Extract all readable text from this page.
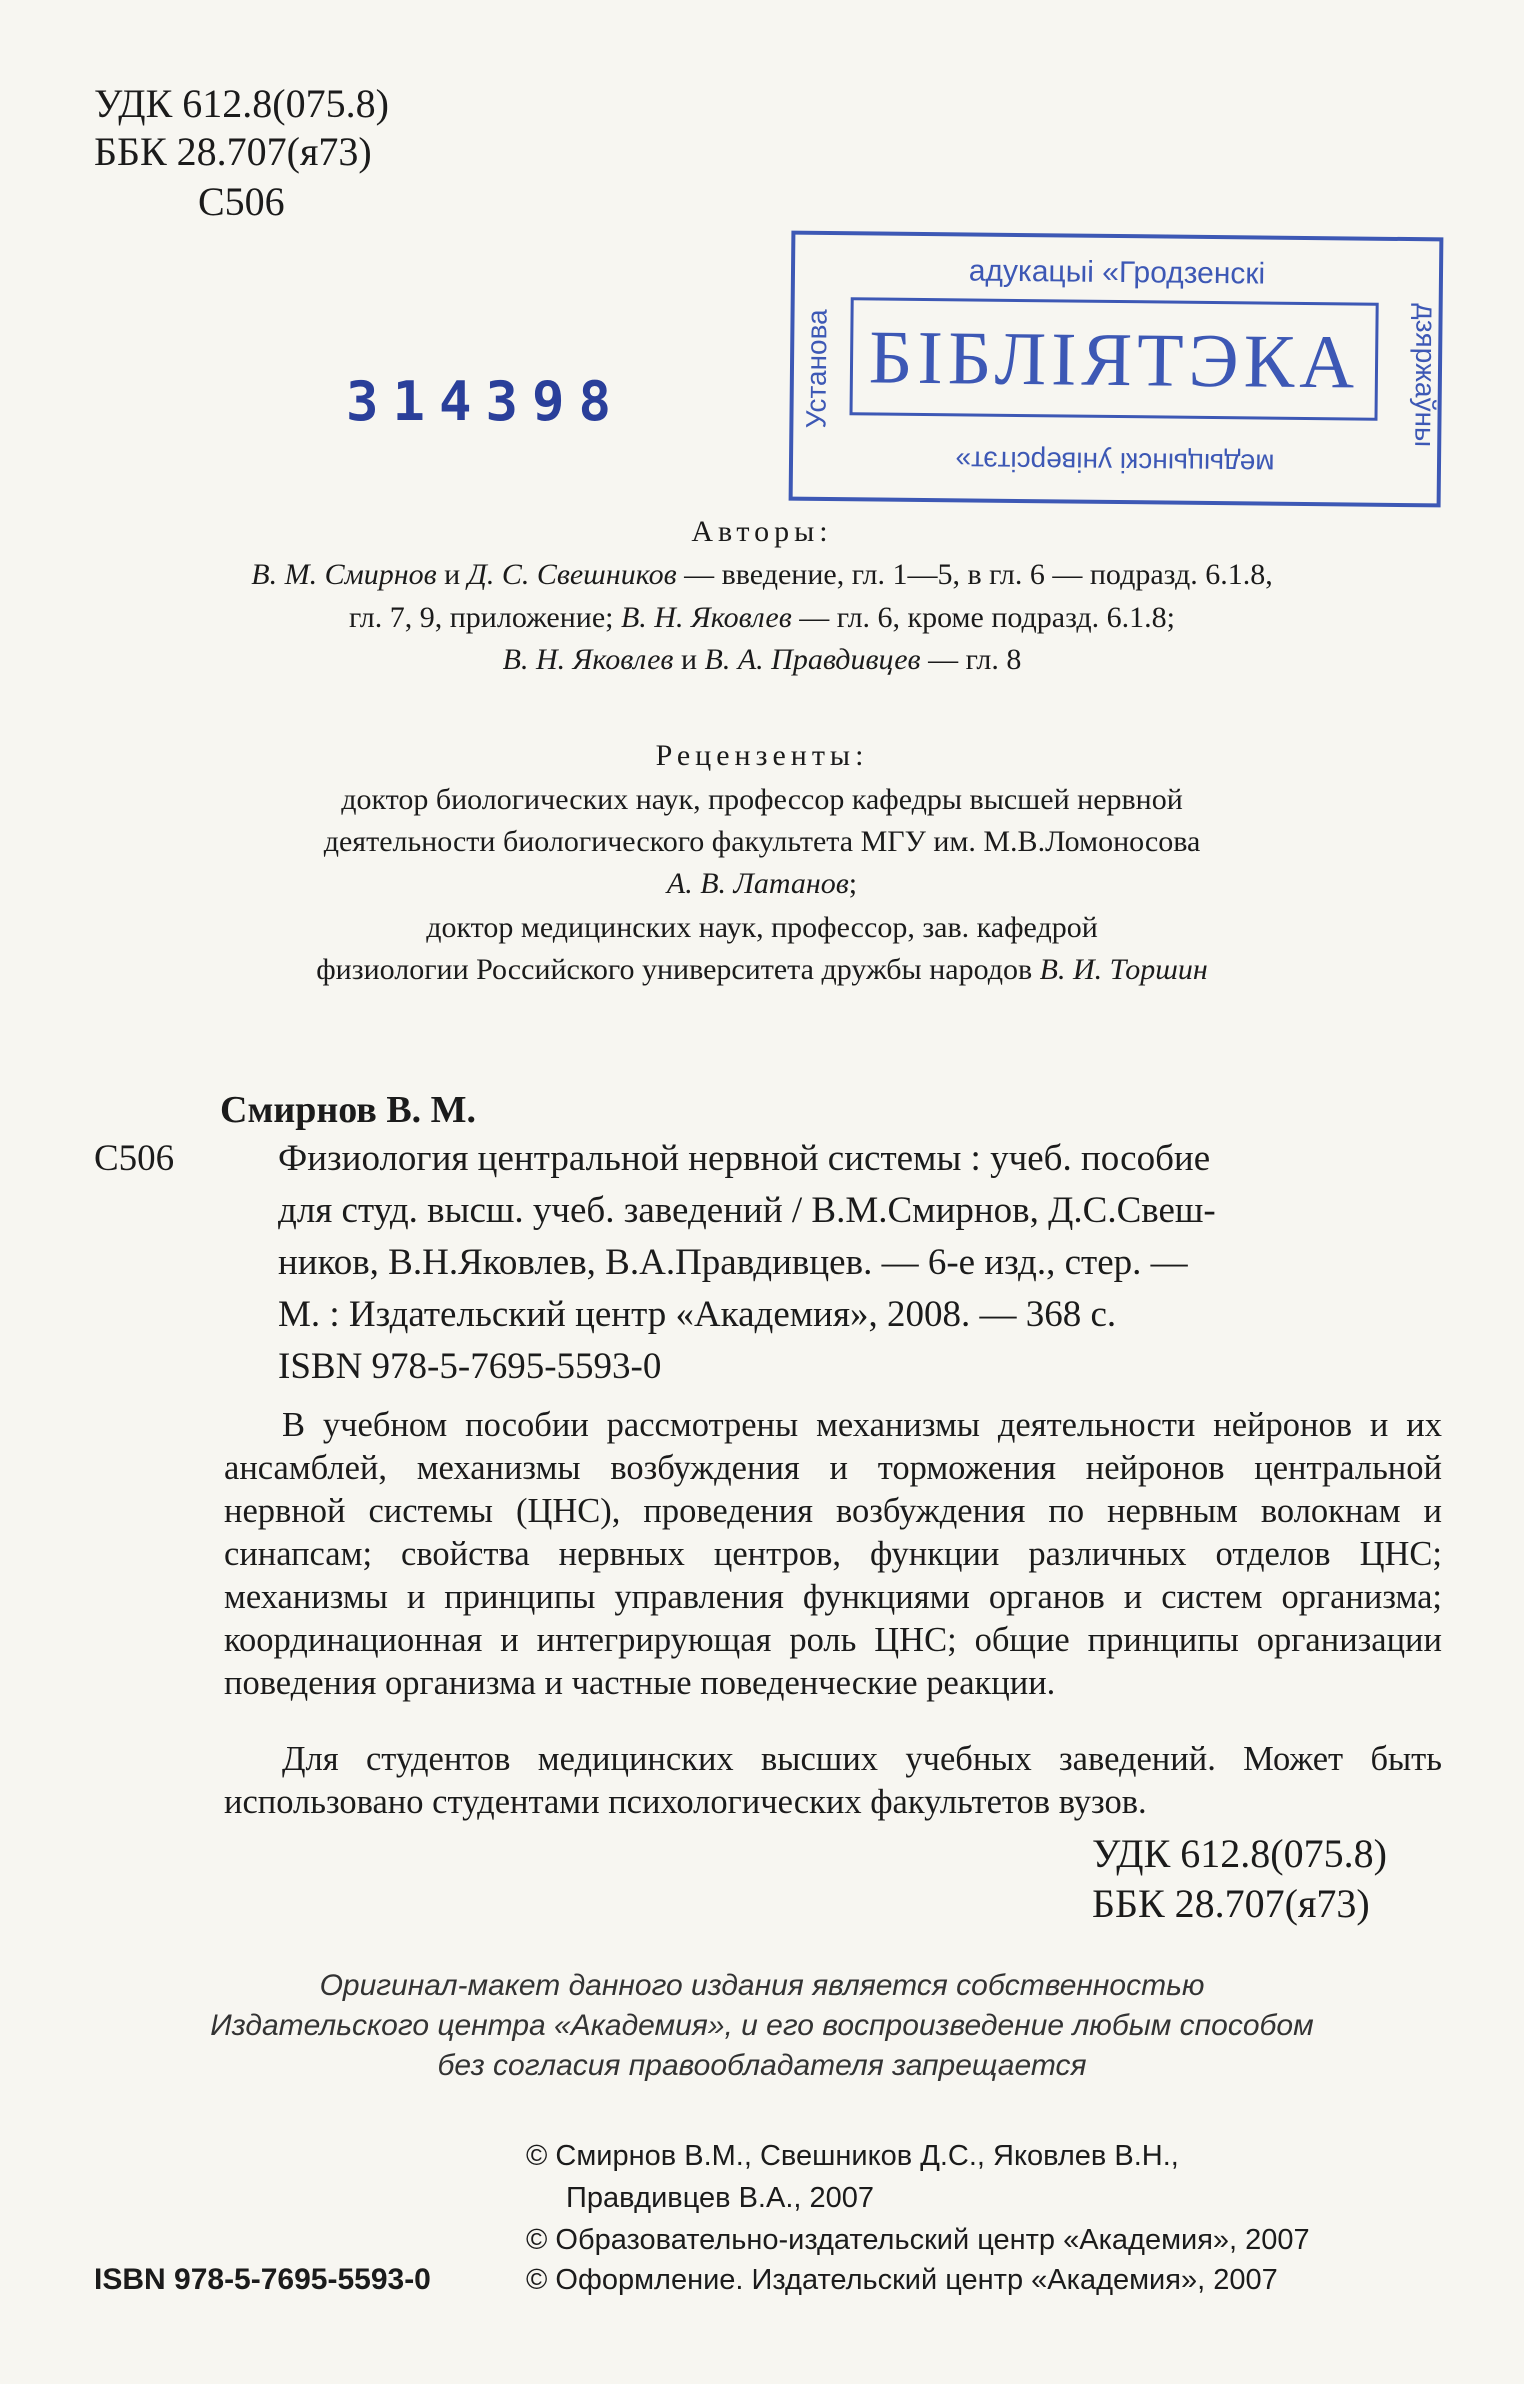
УДК 612.8(075.8)
ББК 28.707(я73)
С506
314398
адукацыі «Гродзенскі
Установа	дзяржаўны
БІБЛІЯТЭКА
медыцынскі універсітэт»
Авторы:
В. М. Смирнов и Д. С. Свешников — введение, гл. 1—5, в гл. 6 — подразд. 6.1.8,
гл. 7, 9, приложение; В. Н. Яковлев — гл. 6, кроме подразд. 6.1.8;
В. Н. Яковлев и В. А. Правдивцев — гл. 8
Рецензенты:
доктор биологических наук, профессор кафедры высшей нервной
деятельности биологического факультета МГУ им. М.В.Ломоносова
А. В. Латанов;
доктор медицинских наук, профессор, зав. кафедрой
физиологии Российского университета дружбы народов В. И. Торшин
Смирнов В. М.
С506	Физиология центральной нервной системы : учеб. пособие
для студ. высш. учеб. заведений / В.М.Смирнов, Д.С.Свеш-
ников, В.Н.Яковлев, В.А.Правдивцев. — 6-е изд., стер. —
М. : Издательский центр «Академия», 2008. — 368 с.
ISBN 978-5-7695-5593-0
В учебном пособии рассмотрены механизмы деятельности нейронов и их ансамблей, механизмы возбуждения и торможения нейронов центральной нервной системы (ЦНС), проведения возбуждения по нервным волокнам и синапсам; свойства нервных центров, функции различных отделов ЦНС; механизмы и принципы управления функциями органов и систем организма; координационная и интегрирующая роль ЦНС; общие принципы организации поведения организма и частные поведенческие реакции.
Для студентов медицинских высших учебных заведений. Может быть использовано студентами психологических факультетов вузов.
УДК 612.8(075.8)
ББК 28.707(я73)
Оригинал-макет данного издания является собственностью
Издательского центра «Академия», и его воспроизведение любым способом
без согласия правообладателя запрещается
© Смирнов В.М., Свешников Д.С., Яковлев В.Н.,
Правдивцев В.А., 2007
© Образовательно-издательский центр «Академия», 2007
© Оформление. Издательский центр «Академия», 2007
ISBN 978-5-7695-5593-0
